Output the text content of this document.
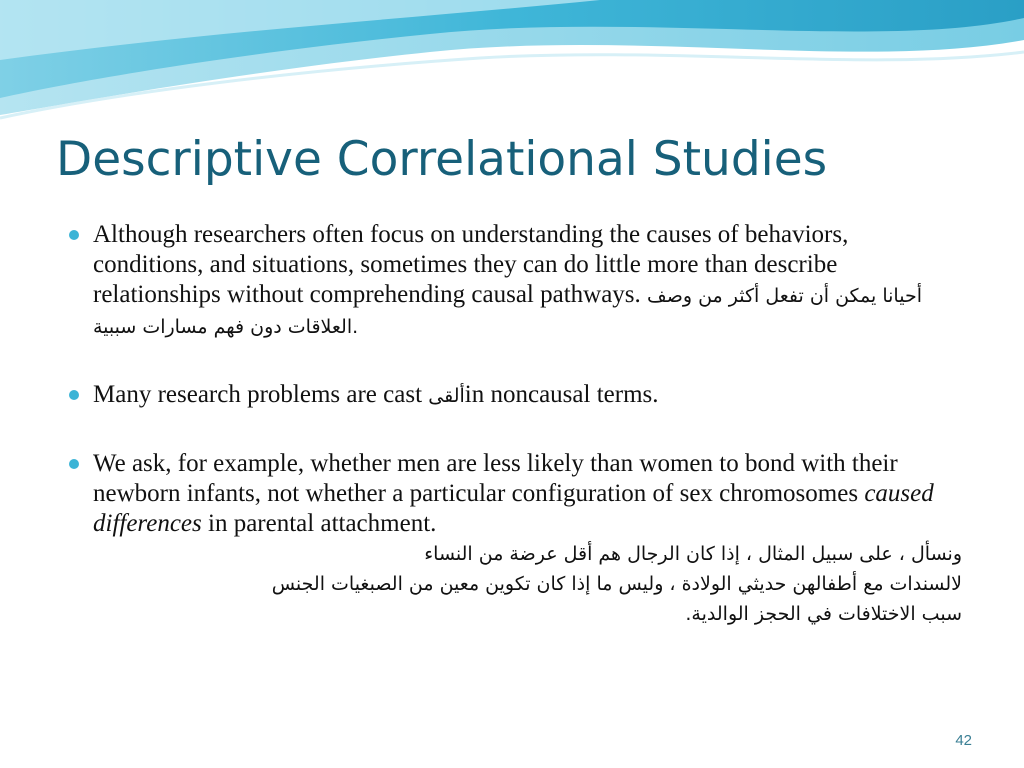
Descriptive Correlational Studies
Although researchers often focus on understanding the causes of behaviors, conditions, and situations, sometimes they can do little more than describe relationships without comprehending causal pathways. أحيانا يمكن أن تفعل أكثر من وصف العلاقات دون فهم مسارات سببية.
Many research problems are cast ألقىin noncausal terms.
We ask, for example, whether men are less likely than women to bond with their newborn infants, not whether a particular configuration of sex chromosomes caused differences in parental attachment.
ونسأل ، على سبيل المثال ، إذا كان الرجال هم أقل عرضة من النساء
لالسندات مع أطفالهن حديثي الولادة ، وليس ما إذا كان تكوين معين من الصبغيات الجنس
سبب الاختلافات في الحجز الوالدية.
42
